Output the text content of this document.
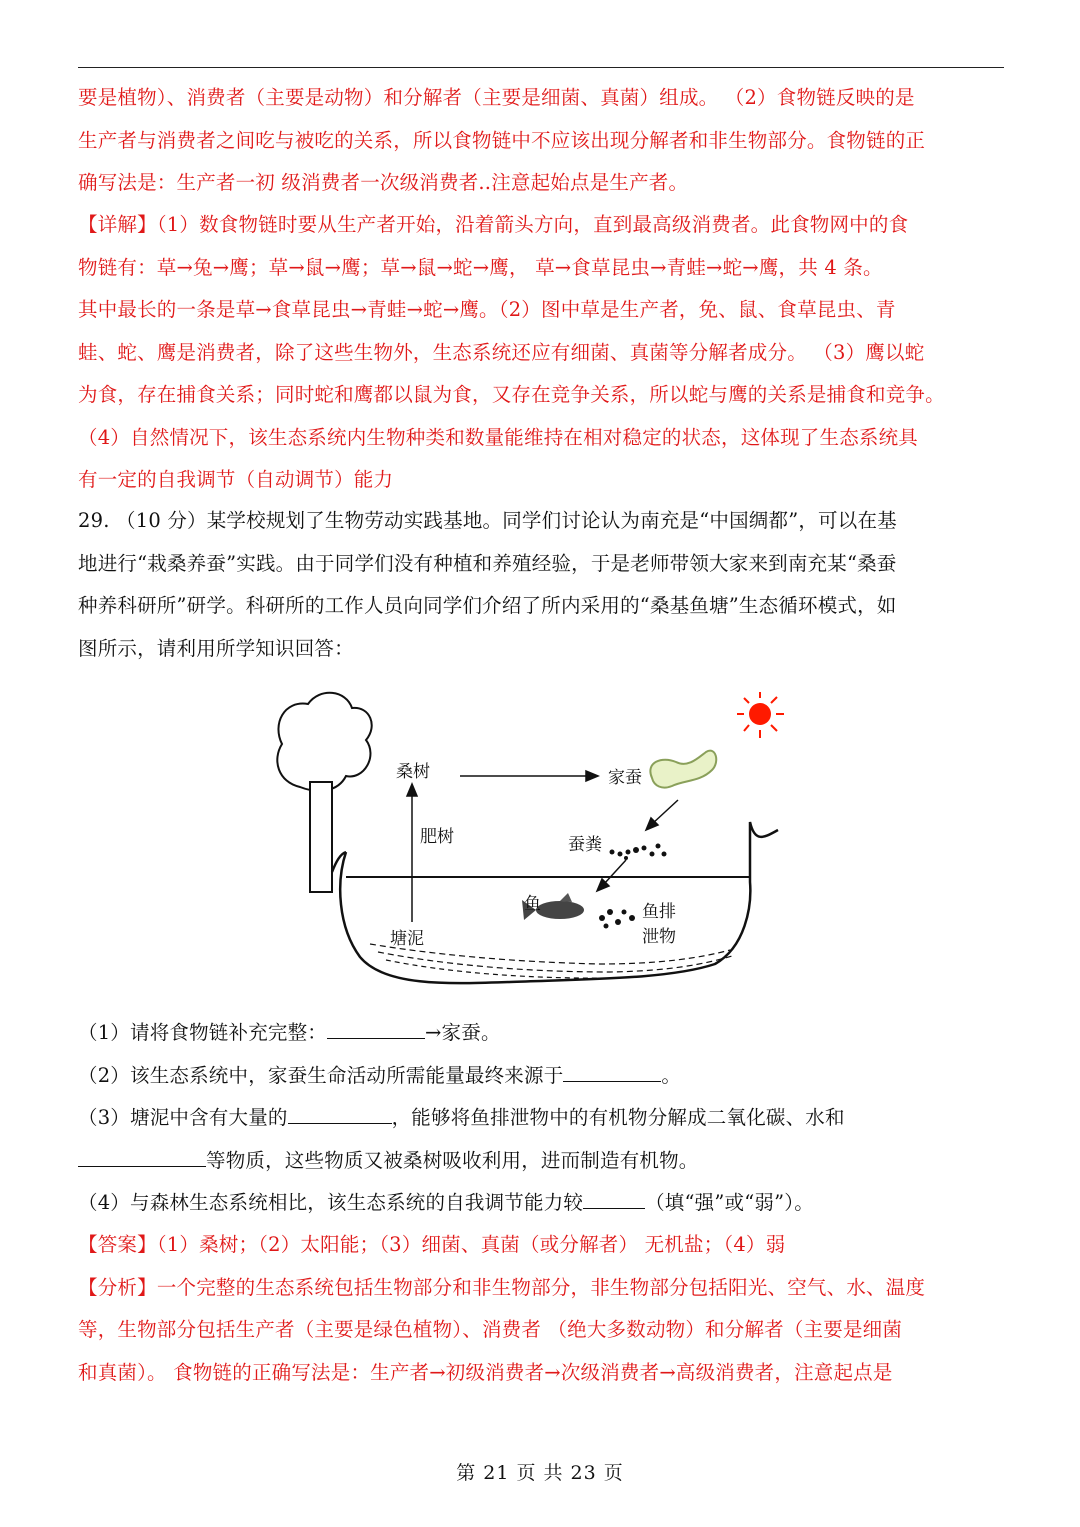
要是植物）、消费者（主要是动物）和分解者（主要是细菌、真菌）组成。 （2）食物链反映的是
生产者与消费者之间吃与被吃的关系，所以食物链中不应该出现分解者和非生物部分。食物链的正
确写法是：生产者一初 级消费者一次级消费者..注意起始点是生产者。
【详解】（1）数食物链时要从生产者开始，沿着箭头方向，直到最高级消费者。此食物网中的食
物链有：草→兔→鹰；草→鼠→鹰；草→鼠→蛇→鹰， 草→食草昆虫→青蛙→蛇→鹰，共 4 条。
其中最长的一条是草→食草昆虫→青蛙→蛇→鹰。（2）图中草是生产者，免、鼠、食草昆虫、青
蛙、蛇、鹰是消费者，除了这些生物外，生态系统还应有细菌、真菌等分解者成分。 （3）鹰以蛇
为食，存在捕食关系；同时蛇和鹰都以鼠为食，又存在竞争关系，所以蛇与鹰的关系是捕食和竞争。
（4）自然情况下，该生态系统内生物种类和数量能维持在相对稳定的状态，这体现了生态系统具
有一定的自我调节（自动调节）能力
29. （10 分）某学校规划了生物劳动实践基地。同学们讨论认为南充是“中国绸都”，可以在基
地进行“栽桑养蚕”实践。由于同学们没有种植和养殖经验，于是老师带领大家来到南充某“桑蚕
种养科研所”研学。科研所的工作人员向同学们介绍了所内采用的“桑基鱼塘”生态循环模式，如
图所示，请利用所学知识回答：
桑树	家蚕
肥树	蚕粪
鱼	鱼排
泄物
塘泥
（1）请将食物链补充完整：	→家蚕。
（2）该生态系统中，家蚕生命活动所需能量最终来源于	。
（3）塘泥中含有大量的	，能够将鱼排泄物中的有机物分解成二氧化碳、水和
等物质，这些物质又被桑树吸收利用，进而制造有机物。
（4）与森林生态系统相比，该生态系统的自我调节能力较	（填“强”或“弱”）。
【答案】（1）桑树；（2）太阳能；（3）细菌、真菌（或分解者） 无机盐；（4）弱
【分析】一个完整的生态系统包括生物部分和非生物部分，非生物部分包括阳光、空气、水、温度
等，生物部分包括生产者（主要是绿色植物）、消费者 （绝大多数动物）和分解者（主要是细菌
和真菌）。 食物链的正确写法是：生产者→初级消费者→次级消费者→高级消费者，注意起点是
第 21 页 共 23 页
